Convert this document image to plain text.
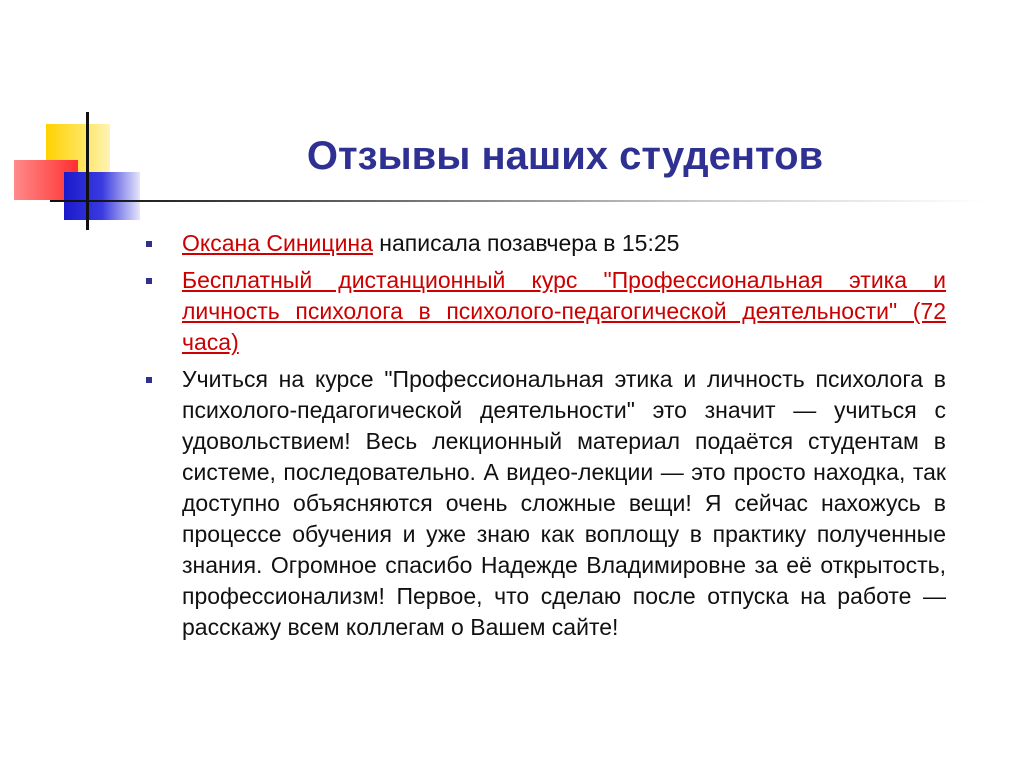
Отзывы наших студентов
Оксана Синицина написала позавчера в 15:25
Бесплатный дистанционный курс "Профессиональная этика и личность психолога в психолого-педагогической деятельности" (72 часа)
Учиться на курсе "Профессиональная этика и личность психолога в психолого-педагогической деятельности" это значит — учиться с удовольствием! Весь лекционный материал подаётся студентам в системе, последовательно. А видео-лекции — это просто находка, так доступно объясняются очень сложные вещи! Я сейчас нахожусь в процессе обучения и уже знаю как воплощу в практику полученные знания. Огромное спасибо Надежде Владимировне за её открытость, профессионализм! Первое, что сделаю после отпуска на работе — расскажу всем коллегам о Вашем сайте!
